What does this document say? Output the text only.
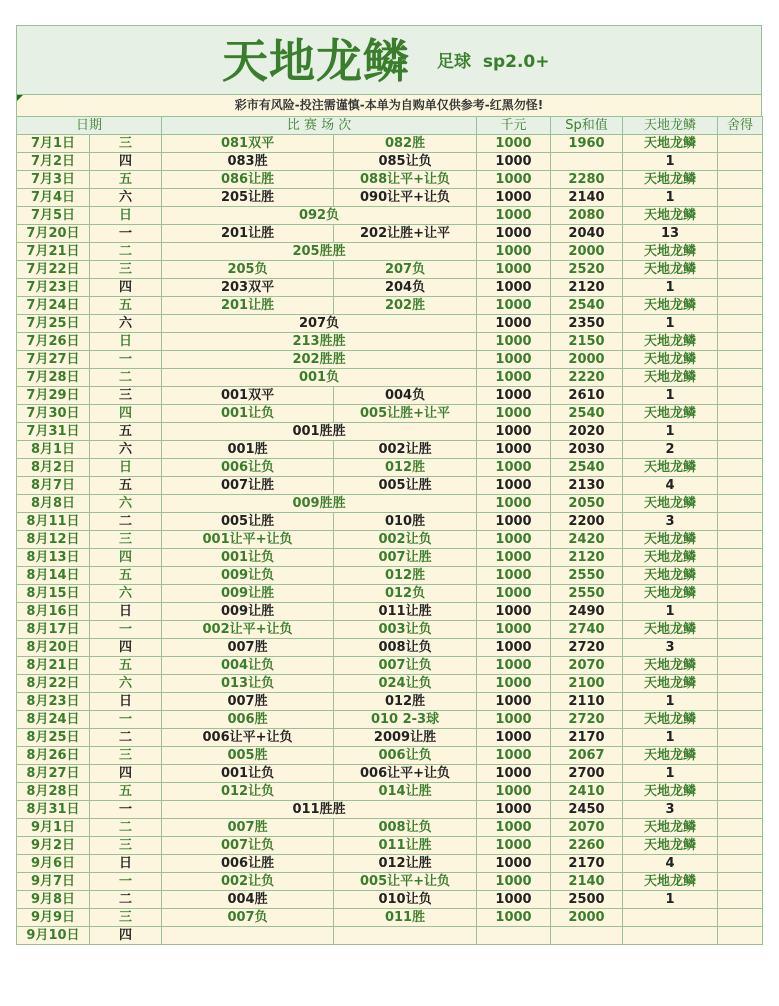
天地龙鳞 足球  sp2.0+
彩市有风险-投注需谨慎-本单为自购单仅供参考-红黑勿怪!
日期		比 赛 场 次		千元	Sp和值	天地龙鳞	舍得
7月1日	三	081双平	082胜	1000	1960	天地龙鳞	
7月2日	四	083胜	085让负	1000		1	
7月3日	五	086让胜	088让平+让负	1000	2280	天地龙鳞	
7月4日	六	205让胜	090让平+让负	1000	2140	1	
7月5日	日	092负		1000	2080	天地龙鳞	
7月20日	一	201让胜	202让胜+让平	1000	2040	13	
7月21日	二	205胜胜		1000	2000	天地龙鳞	
7月22日	三	205负	207负	1000	2520	天地龙鳞	
7月23日	四	203双平	204负	1000	2120	1	
7月24日	五	201让胜	202胜	1000	2540	天地龙鳞	
7月25日	六	207负		1000	2350	1	
7月26日	日	213胜胜		1000	2150	天地龙鳞	
7月27日	一	202胜胜		1000	2000	天地龙鳞	
7月28日	二	001负		1000	2220	天地龙鳞	
7月29日	三	001双平	004负	1000	2610	1	
7月30日	四	001让负	005让胜+让平	1000	2540	天地龙鳞	
7月31日	五	001胜胜		1000	2020	1	
8月1日	六	001胜	002让胜	1000	2030	2	
8月2日	日	006让负	012胜	1000	2540	天地龙鳞	
8月7日	五	007让胜	005让胜	1000	2130	4	
8月8日	六	009胜胜		1000	2050	天地龙鳞	
8月11日	二	005让胜	010胜	1000	2200	3	
8月12日	三	001让平+让负	002让负	1000	2420	天地龙鳞	
8月13日	四	001让负	007让胜	1000	2120	天地龙鳞	
8月14日	五	009让负	012胜	1000	2550	天地龙鳞	
8月15日	六	009让胜	012负	1000	2550	天地龙鳞	
8月16日	日	009让胜	011让胜	1000	2490	1	
8月17日	一	002让平+让负	003让负	1000	2740	天地龙鳞	
8月20日	四	007胜	008让负	1000	2720	3	
8月21日	五	004让负	007让负	1000	2070	天地龙鳞	
8月22日	六	013让负	024让负	1000	2100	天地龙鳞	
8月23日	日	007胜	012胜	1000	2110	1	
8月24日	一	006胜	010 2-3球	1000	2720	天地龙鳞	
8月25日	二	006让平+让负	2009让胜	1000	2170	1	
8月26日	三	005胜	006让负	1000	2067	天地龙鳞	
8月27日	四	001让负	006让平+让负	1000	2700	1	
8月28日	五	012让负	014让胜	1000	2410	天地龙鳞	
8月31日	一	011胜胜		1000	2450	3	
9月1日	二	007胜	008让负	1000	2070	天地龙鳞	
9月2日	三	007让负	011让胜	1000	2260	天地龙鳞	
9月6日	日	006让胜	012让胜	1000	2170	4	
9月7日	一	002让负	005让平+让负	1000	2140	天地龙鳞	
9月8日	二	004胜	010让负	1000	2500	1	
9月9日	三	007负	011胜	1000	2000		
9月10日	四						
